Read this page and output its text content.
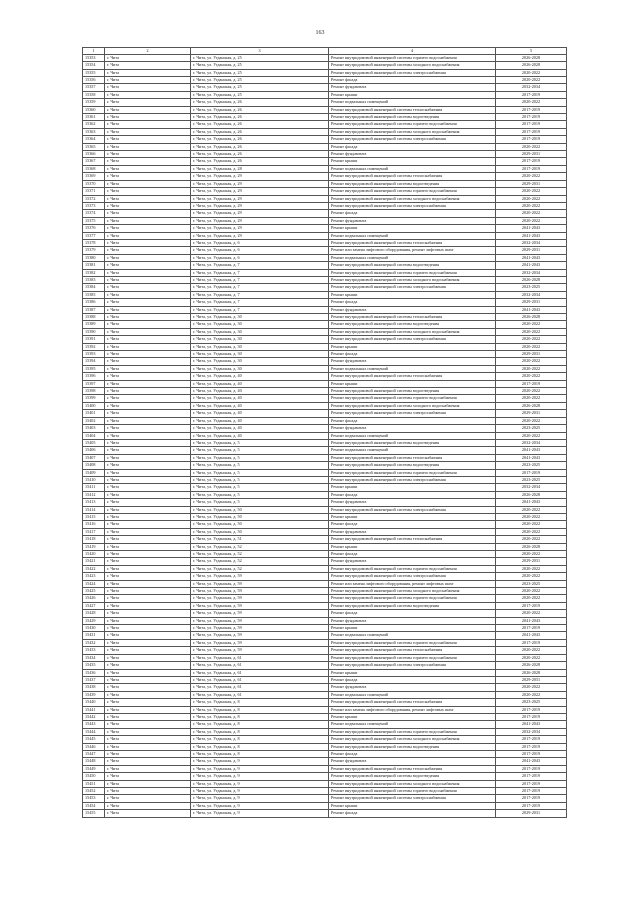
163
1	2	3	4	5
15353	г. Чита	г. Чита, ул. Угданская, д. 25	Ремонт внутридомовой инженерной системы горячего водоснабжения	2026-2028
15354	г. Чита	г. Чита, ул. Угданская, д. 25	Ремонт внутридомовой инженерной системы холодного водоснабжения	2026-2028
15355	г. Чита	г. Чита, ул. Угданская, д. 25	Ремонт внутридомовой инженерной системы электроснабжения	2020-2022
15356	г. Чита	г. Чита, ул. Угданская, д. 25	Ремонт фасада	2020-2022
15357	г. Чита	г. Чита, ул. Угданская, д. 25	Ремонт фундамента	2032-2034
15358	г. Чита	г. Чита, ул. Угданская, д. 25	Ремонт крыши	2017-2019
15359	г. Чита	г. Чита, ул. Угданская, д. 26	Ремонт подвальных помещений	2020-2022
15360	г. Чита	г. Чита, ул. Угданская, д. 26	Ремонт внутридомовой инженерной системы теплоснабжения	2017-2019
15361	г. Чита	г. Чита, ул. Угданская, д. 26	Ремонт внутридомовой инженерной системы водоотведения	2017-2019
15362	г. Чита	г. Чита, ул. Угданская, д. 26	Ремонт внутридомовой инженерной системы горячего водоснабжения	2017-2019
15363	г. Чита	г. Чита, ул. Угданская, д. 26	Ремонт внутридомовой инженерной системы холодного водоснабжения	2017-2019
15364	г. Чита	г. Чита, ул. Угданская, д. 26	Ремонт внутридомовой инженерной системы электроснабжения	2017-2019
15365	г. Чита	г. Чита, ул. Угданская, д. 26	Ремонт фасада	2020-2022
15366	г. Чита	г. Чита, ул. Угданская, д. 26	Ремонт фундамента	2029-2031
15367	г. Чита	г. Чита, ул. Угданская, д. 26	Ремонт крыши	2017-2019
15368	г. Чита	г. Чита, ул. Угданская, д. 28	Ремонт подвальных помещений	2017-2019
15369	г. Чита	г. Чита, ул. Угданская, д. 29	Ремонт внутридомовой инженерной системы теплоснабжения	2020-2022
15370	г. Чита	г. Чита, ул. Угданская, д. 29	Ремонт внутридомовой инженерной системы водоотведения	2029-2031
15371	г. Чита	г. Чита, ул. Угданская, д. 29	Ремонт внутридомовой инженерной системы горячего водоснабжения	2020-2022
15372	г. Чита	г. Чита, ул. Угданская, д. 29	Ремонт внутридомовой инженерной системы холодного водоснабжения	2020-2022
15373	г. Чита	г. Чита, ул. Угданская, д. 29	Ремонт внутридомовой инженерной системы электроснабжения	2020-2022
15374	г. Чита	г. Чита, ул. Угданская, д. 29	Ремонт фасада	2020-2022
15375	г. Чита	г. Чита, ул. Угданская, д. 29	Ремонт фундамента	2020-2022
15376	г. Чита	г. Чита, ул. Угданская, д. 29	Ремонт крыши	2041-2043
15377	г. Чита	г. Чита, ул. Угданская, д. 29	Ремонт подвальных помещений	2041-2043
15378	г. Чита	г. Чита, ул. Угданская, д. 6	Ремонт внутридомовой инженерной системы теплоснабжения	2032-2034
15379	г. Чита	г. Чита, ул. Угданская, д. 6	Ремонт или замена лифтового оборудования, ремонт лифтовых шахт	2029-2031
15380	г. Чита	г. Чита, ул. Угданская, д. 6	Ремонт подвальных помещений	2041-2043
15381	г. Чита	г. Чита, ул. Угданская, д. 7	Ремонт внутридомовой инженерной системы водоотведения	2041-2043
15382	г. Чита	г. Чита, ул. Угданская, д. 7	Ремонт внутридомовой инженерной системы горячего водоснабжения	2032-2034
15383	г. Чита	г. Чита, ул. Угданская, д. 7	Ремонт внутридомовой инженерной системы холодного водоснабжения	2026-2028
15384	г. Чита	г. Чита, ул. Угданская, д. 7	Ремонт внутридомовой инженерной системы электроснабжения	2023-2025
15385	г. Чита	г. Чита, ул. Угданская, д. 7	Ремонт крыши	2032-2034
15386	г. Чита	г. Чита, ул. Угданская, д. 7	Ремонт фасада	2029-2031
15387	г. Чита	г. Чита, ул. Угданская, д. 7	Ремонт фундамента	2041-2043
15388	г. Чита	г. Чита, ул. Угданская, д. 30	Ремонт внутридомовой инженерной системы теплоснабжения	2026-2028
15389	г. Чита	г. Чита, ул. Угданская, д. 30	Ремонт внутридомовой инженерной системы водоотведения	2020-2022
15390	г. Чита	г. Чита, ул. Угданская, д. 30	Ремонт внутридомовой инженерной системы холодного водоснабжения	2020-2022
15391	г. Чита	г. Чита, ул. Угданская, д. 30	Ремонт внутридомовой инженерной системы электроснабжения	2020-2022
15392	г. Чита	г. Чита, ул. Угданская, д. 30	Ремонт крыши	2020-2022
15393	г. Чита	г. Чита, ул. Угданская, д. 30	Ремонт фасада	2029-2031
15394	г. Чита	г. Чита, ул. Угданская, д. 30	Ремонт фундамента	2020-2022
15395	г. Чита	г. Чита, ул. Угданская, д. 30	Ремонт подвальных помещений	2020-2022
15396	г. Чита	г. Чита, ул. Угданская, д. 40	Ремонт внутридомовой инженерной системы теплоснабжения	2020-2022
15397	г. Чита	г. Чита, ул. Угданская, д. 40	Ремонт крыши	2017-2019
15398	г. Чита	г. Чита, ул. Угданская, д. 40	Ремонт внутридомовой инженерной системы водоотведения	2020-2022
15399	г. Чита	г. Чита, ул. Угданская, д. 40	Ремонт внутридомовой инженерной системы горячего водоснабжения	2020-2022
15400	г. Чита	г. Чита, ул. Угданская, д. 40	Ремонт внутридомовой инженерной системы холодного водоснабжения	2026-2028
15401	г. Чита	г. Чита, ул. Угданская, д. 40	Ремонт внутридомовой инженерной системы электроснабжения	2029-2031
15402	г. Чита	г. Чита, ул. Угданская, д. 40	Ремонт фасада	2020-2022
15403	г. Чита	г. Чита, ул. Угданская, д. 40	Ремонт фундамента	2023-2025
15404	г. Чита	г. Чита, ул. Угданская, д. 40	Ремонт подвальных помещений	2020-2022
15405	г. Чита	г. Чита, ул. Угданская, д. 5	Ремонт внутридомовой инженерной системы водоотведения	2032-2034
15406	г. Чита	г. Чита, ул. Угданская, д. 5	Ремонт подвальных помещений	2041-2043
15407	г. Чита	г. Чита, ул. Угданская, д. 5	Ремонт внутридомовой инженерной системы теплоснабжения	2041-2043
15408	г. Чита	г. Чита, ул. Угданская, д. 5	Ремонт внутридомовой инженерной системы водоотведения	2023-2025
15409	г. Чита	г. Чита, ул. Угданская, д. 5	Ремонт внутридомовой инженерной системы горячего водоснабжения	2017-2019
15410	г. Чита	г. Чита, ул. Угданская, д. 5	Ремонт внутридомовой инженерной системы электроснабжения	2023-2025
15411	г. Чита	г. Чита, ул. Угданская, д. 5	Ремонт крыши	2032-2034
15412	г. Чита	г. Чита, ул. Угданская, д. 5	Ремонт фасада	2026-2028
15413	г. Чита	г. Чита, ул. Угданская, д. 5	Ремонт фундамента	2041-2043
15414	г. Чита	г. Чита, ул. Угданская, д. 50	Ремонт внутридомовой инженерной системы электроснабжения	2020-2022
15415	г. Чита	г. Чита, ул. Угданская, д. 50	Ремонт крыши	2020-2022
15416	г. Чита	г. Чита, ул. Угданская, д. 50	Ремонт фасада	2020-2022
15417	г. Чита	г. Чита, ул. Угданская, д. 50	Ремонт фундамента	2020-2022
15418	г. Чита	г. Чита, ул. Угданская, д. 51	Ремонт внутридомовой инженерной системы теплоснабжения	2020-2022
15419	г. Чита	г. Чита, ул. Угданская, д. 52	Ремонт крыши	2026-2028
15420	г. Чита	г. Чита, ул. Угданская, д. 52	Ремонт фасада	2020-2022
15421	г. Чита	г. Чита, ул. Угданская, д. 52	Ремонт фундамента	2029-2031
15422	г. Чита	г. Чита, ул. Угданская, д. 52	Ремонт внутридомовой инженерной системы горячего водоснабжения	2020-2022
15423	г. Чита	г. Чита, ул. Угданская, д. 59	Ремонт внутридомовой инженерной системы электроснабжения	2020-2022
15424	г. Чита	г. Чита, ул. Угданская, д. 59	Ремонт или замена лифтового оборудования, ремонт лифтовых шахт	2023-2025
15425	г. Чита	г. Чита, ул. Угданская, д. 59	Ремонт внутридомовой инженерной системы холодного водоснабжения	2020-2022
15426	г. Чита	г. Чита, ул. Угданская, д. 59	Ремонт внутридомовой инженерной системы горячего водоснабжения	2020-2022
15427	г. Чита	г. Чита, ул. Угданская, д. 59	Ремонт внутридомовой инженерной системы водоотведения	2017-2019
15428	г. Чита	г. Чита, ул. Угданская, д. 59	Ремонт фасада	2020-2022
15429	г. Чита	г. Чита, ул. Угданская, д. 59	Ремонт фундамента	2041-2043
15430	г. Чита	г. Чита, ул. Угданская, д. 59	Ремонт крыши	2017-2019
15431	г. Чита	г. Чита, ул. Угданская, д. 59	Ремонт подвальных помещений	2041-2043
15432	г. Чита	г. Чита, ул. Угданская, д. 59	Ремонт внутридомовой инженерной системы горячего водоснабжения	2017-2019
15433	г. Чита	г. Чита, ул. Угданская, д. 59	Ремонт внутридомовой инженерной системы теплоснабжения	2020-2022
15434	г. Чита	г. Чита, ул. Угданская, д. 61	Ремонт внутридомовой инженерной системы горячего водоснабжения	2020-2022
15435	г. Чита	г. Чита, ул. Угданская, д. 61	Ремонт внутридомовой инженерной системы электроснабжения	2026-2028
15436	г. Чита	г. Чита, ул. Угданская, д. 61	Ремонт крыши	2026-2028
15437	г. Чита	г. Чита, ул. Угданская, д. 61	Ремонт фасада	2029-2031
15438	г. Чита	г. Чита, ул. Угданская, д. 61	Ремонт фундамента	2020-2022
15439	г. Чита	г. Чита, ул. Угданская, д. 61	Ремонт подвальных помещений	2020-2022
15440	г. Чита	г. Чита, ул. Угданская, д. 8	Ремонт внутридомовой инженерной системы теплоснабжения	2023-2025
15441	г. Чита	г. Чита, ул. Угданская, д. 8	Ремонт или замена лифтового оборудования, ремонт лифтовых шахт	2017-2019
15442	г. Чита	г. Чита, ул. Угданская, д. 8	Ремонт крыши	2017-2019
15443	г. Чита	г. Чита, ул. Угданская, д. 8	Ремонт подвальных помещений	2041-2043
15444	г. Чита	г. Чита, ул. Угданская, д. 8	Ремонт внутридомовой инженерной системы горячего водоснабжения	2032-2034
15445	г. Чита	г. Чита, ул. Угданская, д. 8	Ремонт внутридомовой инженерной системы холодного водоснабжения	2017-2019
15446	г. Чита	г. Чита, ул. Угданская, д. 8	Ремонт внутридомовой инженерной системы водоотведения	2017-2019
15447	г. Чита	г. Чита, ул. Угданская, д. 8	Ремонт фасада	2017-2019
15448	г. Чита	г. Чита, ул. Угданская, д. 9	Ремонт фундамента	2041-2043
15449	г. Чита	г. Чита, ул. Угданская, д. 9	Ремонт внутридомовой инженерной системы теплоснабжения	2017-2019
15450	г. Чита	г. Чита, ул. Угданская, д. 9	Ремонт внутридомовой инженерной системы водоотведения	2017-2019
15451	г. Чита	г. Чита, ул. Угданская, д. 9	Ремонт внутридомовой инженерной системы холодного водоснабжения	2017-2019
15452	г. Чита	г. Чита, ул. Угданская, д. 9	Ремонт внутридомовой инженерной системы горячего водоснабжения	2017-2019
15453	г. Чита	г. Чита, ул. Угданская, д. 9	Ремонт внутридомовой инженерной системы электроснабжения	2017-2019
15454	г. Чита	г. Чита, ул. Угданская, д. 9	Ремонт крыши	2017-2019
15455	г. Чита	г. Чита, ул. Угданская, д. 9	Ремонт фасада	2029-2031
